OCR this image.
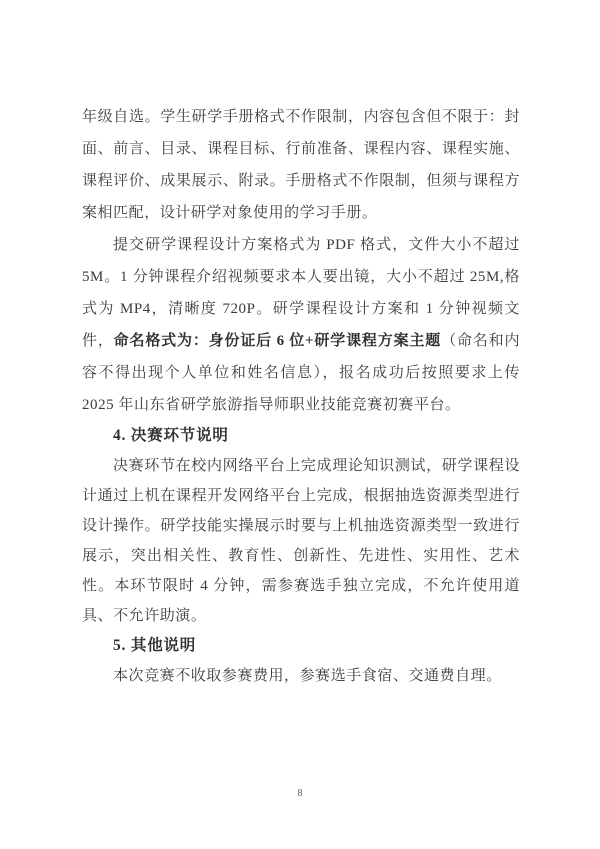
年级自选。学生研学手册格式不作限制，内容包含但不限于：封面、前言、目录、课程目标、行前准备、课程内容、课程实施、课程评价、成果展示、附录。手册格式不作限制，但须与课程方案相匹配，设计研学对象使用的学习手册。

提交研学课程设计方案格式为 PDF 格式，文件大小不超过 5M。1 分钟课程介绍视频要求本人要出镜，大小不超过 25M,格式为 MP4，清晰度 720P。研学课程设计方案和 1 分钟视频文件，命名格式为：身份证后 6 位+研学课程方案主题（命名和内容不得出现个人单位和姓名信息），报名成功后按照要求上传 2025 年山东省研学旅游指导师职业技能竞赛初赛平台。

4. 决赛环节说明

决赛环节在校内网络平台上完成理论知识测试，研学课程设计通过上机在课程开发网络平台上完成，根据抽选资源类型进行设计操作。研学技能实操展示时要与上机抽选资源类型一致进行展示，突出相关性、教育性、创新性、先进性、实用性、艺术性。本环节限时 4 分钟，需参赛选手独立完成，不允许使用道具、不允许助演。

5. 其他说明

本次竞赛不收取参赛费用，参赛选手食宿、交通费自理。

8
